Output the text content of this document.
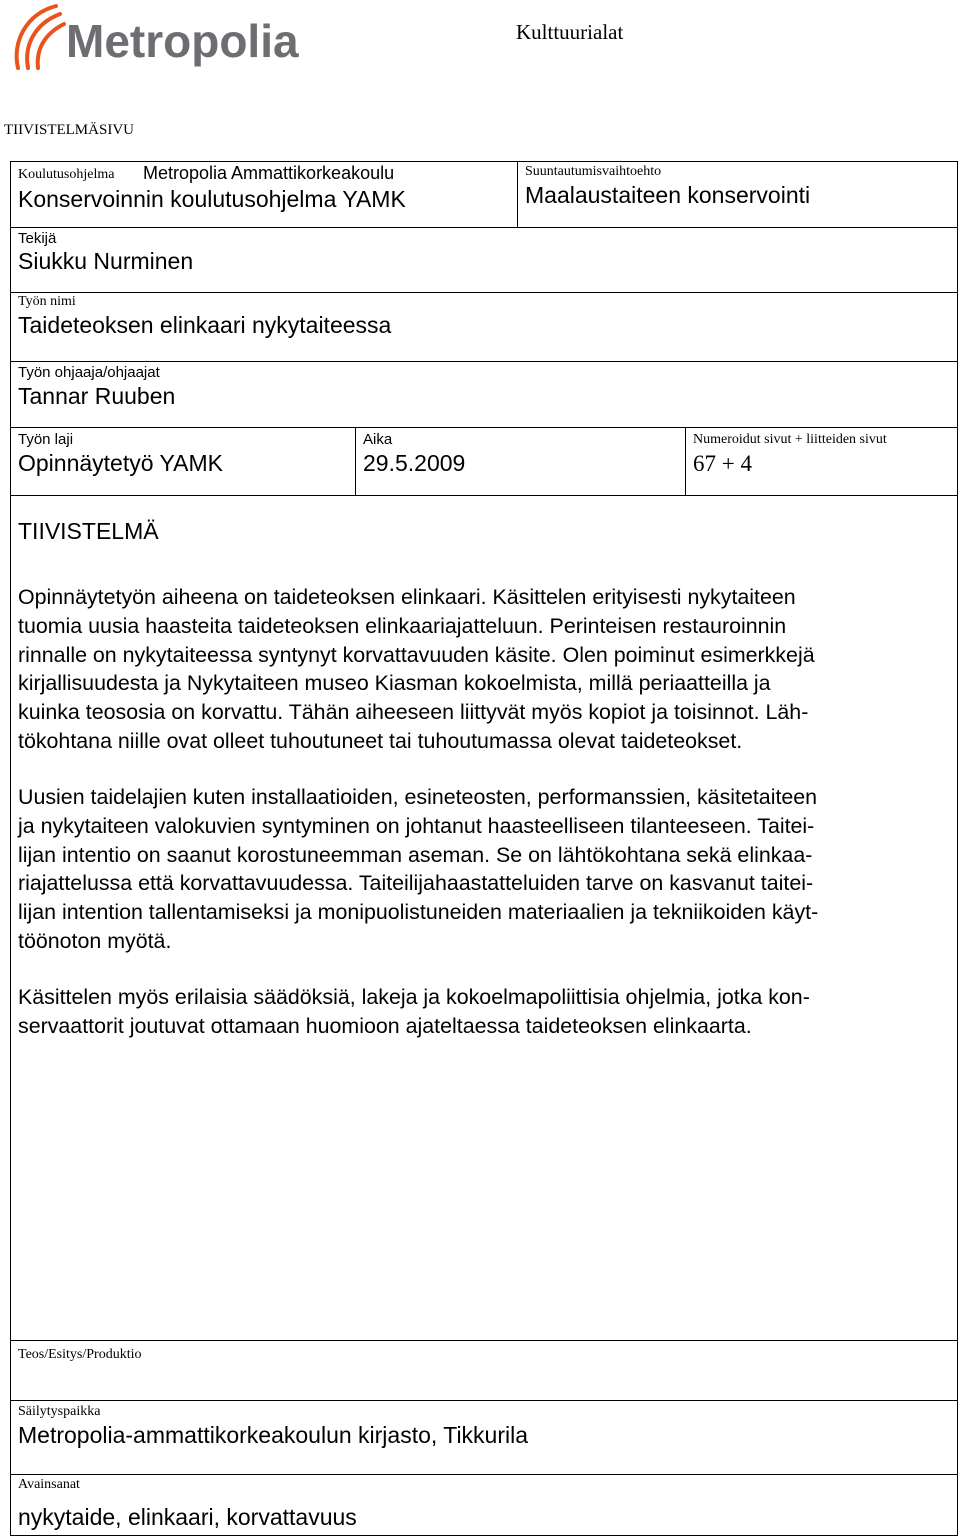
Metropolia	Kulttuurialat
TIIVISTELMÄSIVU
Koulutusohjelma Metropolia Ammattikorkeakoulu
Konservoinnin koulutusohjelma YAMK
Suuntautumisvaihtoehto
Maalaustaiteen konservointi
Tekijä
Siukku Nurminen
Työn nimi
Taideteoksen elinkaari nykytaiteessa
Työn ohjaaja/ohjaajat
Tannar Ruuben
Työn laji
Opinnäytetyö YAMK
Aika
29.5.2009
Numeroidut sivut + liitteiden sivut
67 + 4
TIIVISTELMÄ
Opinnäytetyön aiheena on taideteoksen elinkaari. Käsittelen erityisesti nykytaiteen
tuomia uusia haasteita taideteoksen elinkaariajatteluun. Perinteisen restauroinnin
rinnalle on nykytaiteessa syntynyt korvattavuuden käsite. Olen poiminut esimerkkejä
kirjallisuudesta ja Nykytaiteen museo Kiasman kokoelmista, millä periaatteilla ja
kuinka teososia on korvattu. Tähän aiheeseen liittyvät myös kopiot ja toisinnot. Läh-
tökohtana niille ovat olleet tuhoutuneet tai tuhoutumassa olevat taideteokset.
Uusien taidelajien kuten installaatioiden, esineteosten, performanssien, käsitetaiteen
ja nykytaiteen valokuvien syntyminen on johtanut haasteelliseen tilanteeseen. Taitei-
lijan intentio on saanut korostuneemman aseman. Se on lähtökohtana sekä elinkaa-
riajattelussa että korvattavuudessa. Taiteilijahaastatteluiden tarve on kasvanut taitei-
lijan intention tallentamiseksi ja monipuolistuneiden materiaalien ja tekniikoiden käyt-
töönoton myötä.
Käsittelen myös erilaisia säädöksiä, lakeja ja kokoelmapoliittisia ohjelmia, jotka kon-
servaattorit joutuvat ottamaan huomioon ajateltaessa taideteoksen elinkaarta.
Teos/Esitys/Produktio
Säilytyspaikka
Metropolia-ammattikorkeakoulun kirjasto, Tikkurila
Avainsanat
nykytaide, elinkaari, korvattavuus
